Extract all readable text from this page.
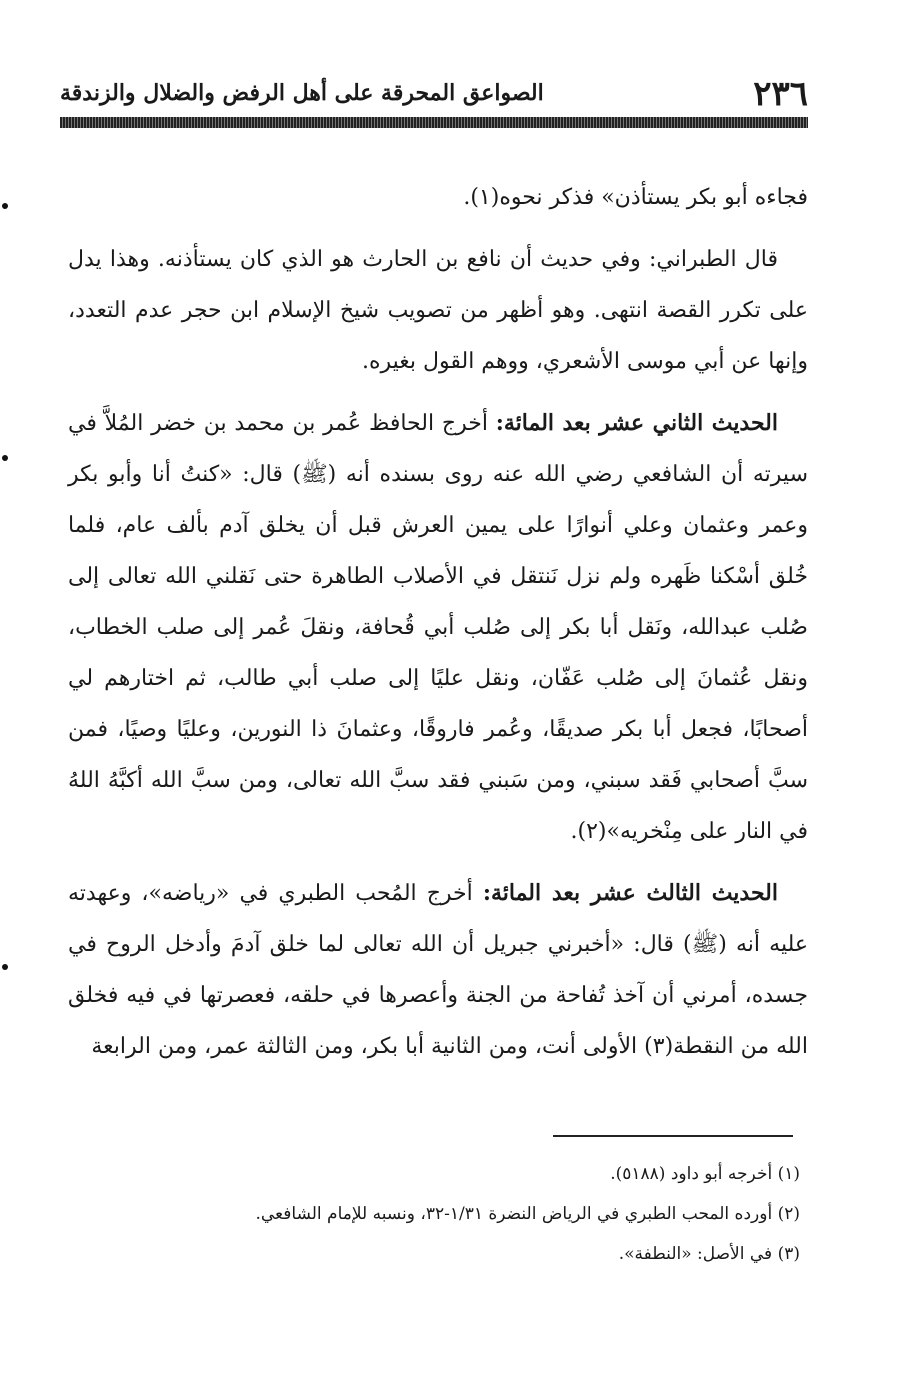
٢٣٦
الصواعق المحرقة على أهل الرفض والضلال والزندقة

فجاءه أبو بكر يستأذن» فذكر نحوه(١).

قال الطبراني: وفي حديث أن نافع بن الحارث هو الذي كان يستأذنه. وهذا يدل على تكرر القصة انتهى. وهو أظهر من تصويب شيخ الإسلام ابن حجر عدم التعدد، وإنها عن أبي موسى الأشعري، ووهم القول بغيره.

الحديث الثاني عشر بعد المائة: أخرج الحافظ عُمر بن محمد بن خضر المُلاَّ في سيرته أن الشافعي رضي الله عنه روى بسنده أنه (ﷺ) قال: «كنتُ أنا وأبو بكر وعمر وعثمان وعلي أنوارًا على يمين العرش قبل أن يخلق آدم بألف عام، فلما خُلق أسْكنا ظَهره ولم نزل نَنتقل في الأصلاب الطاهرة حتى نَقلني الله تعالى إلى صُلب عبدالله، ونَقل أبا بكر إلى صُلب أبي قُحافة، ونقلَ عُمر إلى صلب الخطاب، ونقل عُثمانَ إلى صُلب عَفّان، ونقل عليًا إلى صلب أبي طالب، ثم اختارهم لي أصحابًا، فجعل أبا بكر صديقًا، وعُمر فاروقًا، وعثمانَ ذا النورين، وعليًا وصيًا، فمن سبَّ أصحابي فَقد سبني، ومن سَبني فقد سبَّ الله تعالى، ومن سبَّ الله أكبَّهُ اللهُ في النار على مِنْخريه»(٢).

الحديث الثالث عشر بعد المائة: أخرج المُحب الطبري في «رياضه»، وعهدته عليه أنه (ﷺ) قال: «أخبرني جبريل أن الله تعالى لما خلق آدمَ وأدخل الروح في جسده، أمرني أن آخذ تُفاحة من الجنة وأعصرها في حلقه، فعصرتها في فيه فخلق الله من النقطة(٣) الأولى أنت، ومن الثانية أبا بكر، ومن الثالثة عمر، ومن الرابعة

(١) أخرجه أبو داود (٥١٨٨).
(٢) أورده المحب الطبري في الرياض النضرة ١/٣١-٣٢، ونسبه للإمام الشافعي.
(٣) في الأصل: «النطفة».
